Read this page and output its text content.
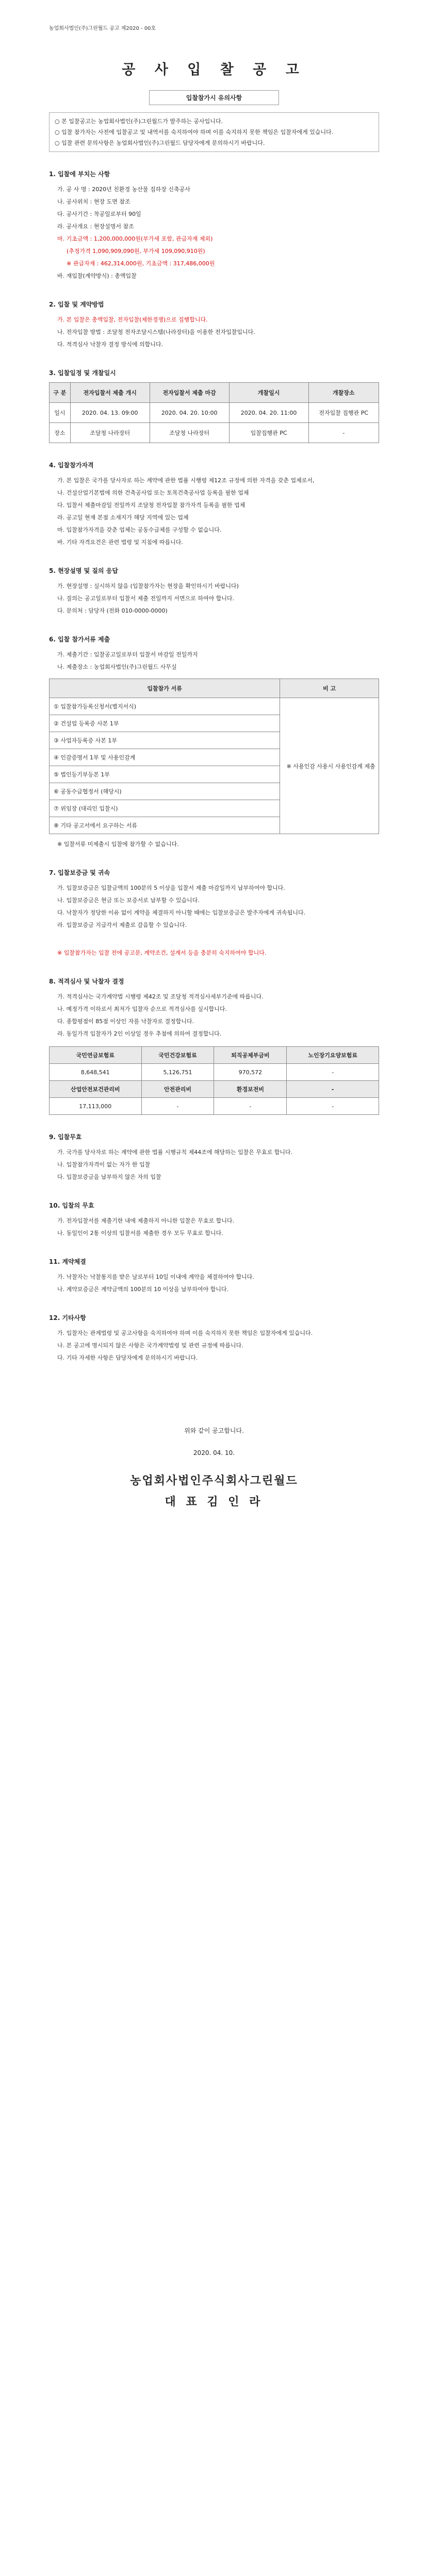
농업회사법인(주)그린월드 공고 제2020 - 00호
공 사 입 찰 공 고
입찰참가시 유의사항

○ 본 입찰공고는 농업회사법인(주)그린월드가 발주하는 공사입니다.

○ 입찰 참가자는 사전에 입찰공고 및 내역서를 숙지하여야 하며 이를 숙지하지 못한 책임은 입찰자에게 있습니다.

○ 입찰 관련 문의사항은 농업회사법인(주)그린월드 담당자에게 문의하시기 바랍니다.

1. 입찰에 부치는 사항

가. 공 사 명 : 2020년 친환경 농산물 집하장 신축공사

나. 공사위치 : 현장 도면 참조

다. 공사기간 : 착공일로부터 90일

라. 공사개요 : 현장설명서 참조

마. 기초금액 : 1,200,000,000원(부가세 포함, 관급자재 제외)

(추정가격 1,090,909,090원, 부가세 109,090,910원)

※ 관급자재 : 462,314,000원, 기초금액 : 317,486,000원

바. 재입찰(계약방식) : 총액입찰

2. 입찰 및 계약방법

가. 본 입찰은 총액입찰, 전자입찰(제한경쟁)으로 집행합니다.

나. 전자입찰 방법 : 조달청 전자조달시스템(나라장터)을 이용한 전자입찰입니다.

다. 적격심사 낙찰자 결정 방식에 의합니다.

3. 입찰일정 및 개찰일시
구 분	전자입찰서 제출 개시	전자입찰서 제출 마감	개찰일시	개찰장소
일시	2020. 04. 13. 09:00	2020. 04. 20. 10:00	2020. 04. 20. 11:00	전자입찰 집행관 PC
장소	조달청 나라장터	조달청 나라장터	입찰집행관 PC	-
4. 입찰참가자격

가. 본 입찰은 국가를 당사자로 하는 계약에 관한 법률 시행령 제12조 규정에 의한 자격을 갖춘 업체로서,

나. 건설산업기본법에 의한 건축공사업 또는 토목건축공사업 등록을 필한 업체

다. 입찰서 제출마감일 전일까지 조달청 전자입찰 참가자격 등록을 필한 업체

라. 공고일 현재 본점 소재지가 해당 지역에 있는 업체

마. 입찰참가자격을 갖춘 업체는 공동수급체를 구성할 수 없습니다.

바. 기타 자격요건은 관련 법령 및 지침에 따릅니다.

5. 현장설명 및 질의 응답

가. 현장설명 : 실시하지 않음 (입찰참가자는 현장을 확인하시기 바랍니다)

나. 질의는 공고일로부터 입찰서 제출 전일까지 서면으로 하여야 합니다.

다. 문의처 : 담당자 (전화 010-0000-0000)

6. 입찰 참가서류 제출

가. 제출기간 : 입찰공고일로부터 입찰서 마감일 전일까지

나. 제출장소 : 농업회사법인(주)그린월드 사무실

입찰참가 서류	비 고
① 입찰참가등록신청서(별지서식)	※ 사용인감 사용시 사용인감계 제출
② 건설업 등록증 사본 1부	
③ 사업자등록증 사본 1부	
④ 인감증명서 1부 및 사용인감계	
⑤ 법인등기부등본 1부	
⑥ 공동수급협정서 (해당시)	
⑦ 위임장 (대리인 입찰시)	
⑧ 기타 공고서에서 요구하는 서류	

※ 입찰서류 미제출시 입찰에 참가할 수 없습니다.

7. 입찰보증금 및 귀속

가. 입찰보증금은 입찰금액의 100분의 5 이상을 입찰서 제출 마감일까지 납부하여야 합니다.

나. 입찰보증금은 현금 또는 보증서로 납부할 수 있습니다.

다. 낙찰자가 정당한 이유 없이 계약을 체결하지 아니할 때에는 입찰보증금은 발주자에게 귀속됩니다.

라. 입찰보증금 지급각서 제출로 갈음할 수 있습니다.

※ 입찰참가자는 입찰 전에 공고문, 계약조건, 설계서 등을 충분히 숙지하여야 합니다.

8. 적격심사 및 낙찰자 결정

가. 적격심사는 국가계약법 시행령 제42조 및 조달청 적격심사세부기준에 따릅니다.

나. 예정가격 이하로서 최저가 입찰자 순으로 적격심사를 실시합니다.

다. 종합평점이 85점 이상인 자를 낙찰자로 결정합니다.

라. 동일가격 입찰자가 2인 이상일 경우 추첨에 의하여 결정합니다.

국민연금보험료	국민건강보험료	퇴직공제부금비	노인장기요양보험료
8,648,541	5,126,751	970,572	-
산업안전보건관리비	안전관리비	환경보전비	-
17,113,000	-	-	-
9. 입찰무효

가. 국가를 당사자로 하는 계약에 관한 법률 시행규칙 제44조에 해당하는 입찰은 무효로 합니다.

나. 입찰참가자격이 없는 자가 한 입찰

다. 입찰보증금을 납부하지 않은 자의 입찰

10. 입찰의 무효

가. 전자입찰서를 제출기한 내에 제출하지 아니한 입찰은 무효로 합니다.

나. 동일인이 2통 이상의 입찰서를 제출한 경우 모두 무효로 합니다.

11. 계약체결

가. 낙찰자는 낙찰통지를 받은 날로부터 10일 이내에 계약을 체결하여야 합니다.

나. 계약보증금은 계약금액의 100분의 10 이상을 납부하여야 합니다.

12. 기타사항

가. 입찰자는 관계법령 및 공고사항을 숙지하여야 하며 이를 숙지하지 못한 책임은 입찰자에게 있습니다.

나. 본 공고에 명시되지 않은 사항은 국가계약법령 및 관련 규정에 따릅니다.

다. 기타 자세한 사항은 담당자에게 문의하시기 바랍니다.

위와 같이 공고합니다.
2020. 04. 10.
농업회사법인주식회사그린월드
대 표 김 인 라
